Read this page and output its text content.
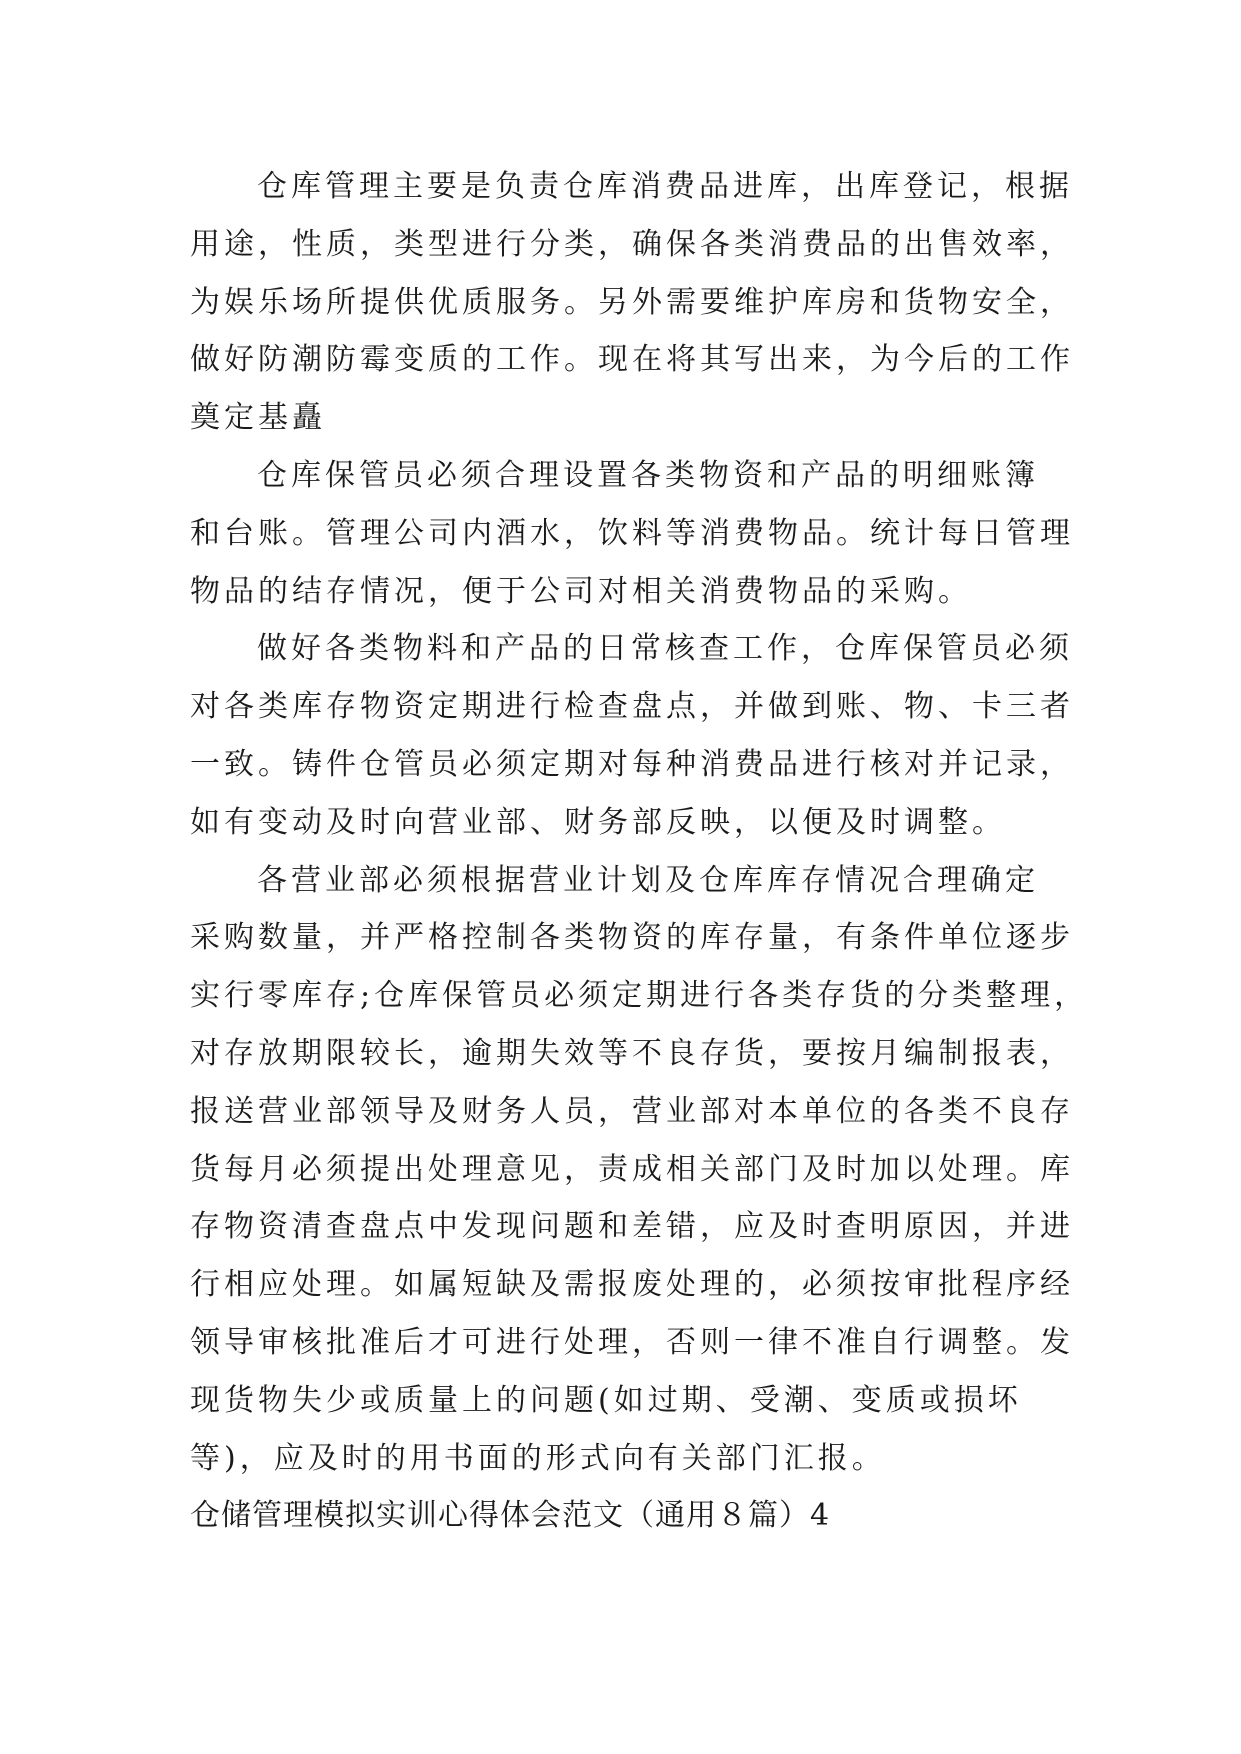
仓库管理主要是负责仓库消费品进库，出库登记，根据
用途，性质，类型进行分类，确保各类消费品的出售效率，
为娱乐场所提供优质服务。另外需要维护库房和货物安全，
做好防潮防霉变质的工作。现在将其写出来，为今后的工作
奠定基矗
仓库保管员必须合理设置各类物资和产品的明细账簿
和台账。管理公司内酒水，饮料等消费物品。统计每日管理
物品的结存情况，便于公司对相关消费物品的采购。
做好各类物料和产品的日常核查工作，仓库保管员必须
对各类库存物资定期进行检查盘点，并做到账、物、卡三者
一致。铸件仓管员必须定期对每种消费品进行核对并记录，
如有变动及时向营业部、财务部反映，以便及时调整。
各营业部必须根据营业计划及仓库库存情况合理确定
采购数量，并严格控制各类物资的库存量，有条件单位逐步
实行零库存;仓库保管员必须定期进行各类存货的分类整理，
对存放期限较长，逾期失效等不良存货，要按月编制报表，
报送营业部领导及财务人员，营业部对本单位的各类不良存
货每月必须提出处理意见，责成相关部门及时加以处理。库
存物资清查盘点中发现问题和差错，应及时查明原因，并进
行相应处理。如属短缺及需报废处理的，必须按审批程序经
领导审核批准后才可进行处理，否则一律不准自行调整。发
现货物失少或质量上的问题(如过期、受潮、变质或损坏
等)，应及时的用书面的形式向有关部门汇报。
仓储管理模拟实训心得体会范文（通用８篇）4
